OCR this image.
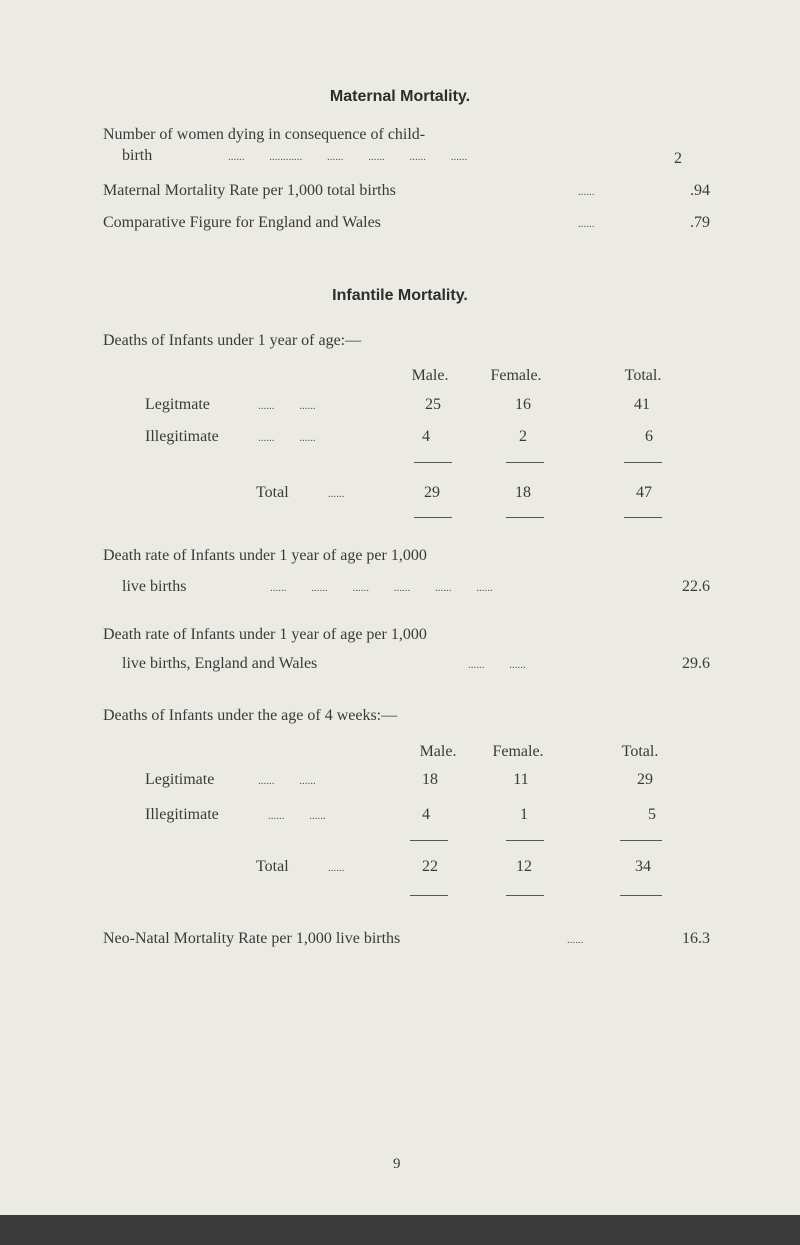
Maternal Mortality.
Number of women dying in consequence of child-
birth	......         ............         ......         ......         ......         ......	2
Maternal Mortality Rate per 1,000 total births	......	.94
Comparative Figure for England and Wales	......	.79
Infantile Mortality.
Deaths of Infants under 1 year of age:—
Male.	Female.	Total.
Legitmate	......         ......	25	16	41
Illegitimate	......         ......	4	2	6
Total	......	29	18	47
Death rate of Infants under 1 year of age per 1,000
live births	......         ......         ......         ......         ......         ......	22.6
Death rate of Infants under 1 year of age per 1,000
live births, England and Wales	......         ......	29.6
Deaths of Infants under the age of 4 weeks:—
Male.	Female.	Total.
Legitimate	......         ......	18	11	29
Illegitimate	......         ......	4	1	5
Total	......	22	12	34
Neo-Natal Mortality Rate per 1,000 live births	......	16.3
9
